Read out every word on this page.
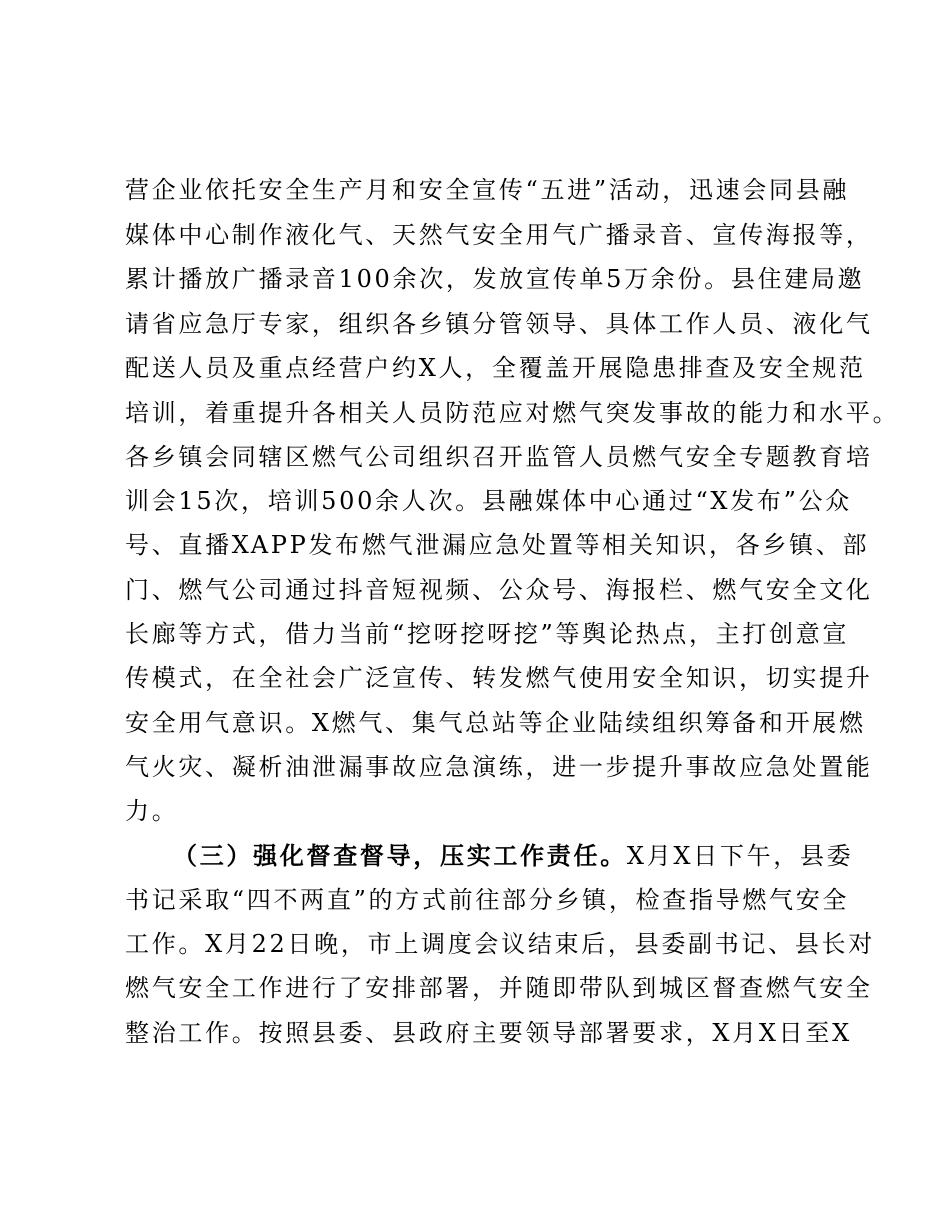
营企业依托安全生产月和安全宣传“五进”活动，迅速会同县融
媒体中心制作液化气、天然气安全用气广播录音、宣传海报等，
累计播放广播录音100余次，发放宣传单5万余份。县住建局邀
请省应急厅专家，组织各乡镇分管领导、具体工作人员、液化气
配送人员及重点经营户约X人，全覆盖开展隐患排查及安全规范
培训，着重提升各相关人员防范应对燃气突发事故的能力和水平。
各乡镇会同辖区燃气公司组织召开监管人员燃气安全专题教育培
训会15次，培训500余人次。县融媒体中心通过“X发布”公众
号、直播XAPP发布燃气泄漏应急处置等相关知识，各乡镇、部
门、燃气公司通过抖音短视频、公众号、海报栏、燃气安全文化
长廊等方式，借力当前“挖呀挖呀挖”等舆论热点，主打创意宣
传模式，在全社会广泛宣传、转发燃气使用安全知识，切实提升
安全用气意识。X燃气、集气总站等企业陆续组织筹备和开展燃
气火灾、凝析油泄漏事故应急演练，进一步提升事故应急处置能
力。
（三）强化督查督导，压实工作责任。X月X日下午，县委
书记采取“四不两直”的方式前往部分乡镇，检查指导燃气安全
工作。X月22日晚，市上调度会议结束后，县委副书记、县长对
燃气安全工作进行了安排部署，并随即带队到城区督查燃气安全
整治工作。按照县委、县政府主要领导部署要求，X月X日至X
